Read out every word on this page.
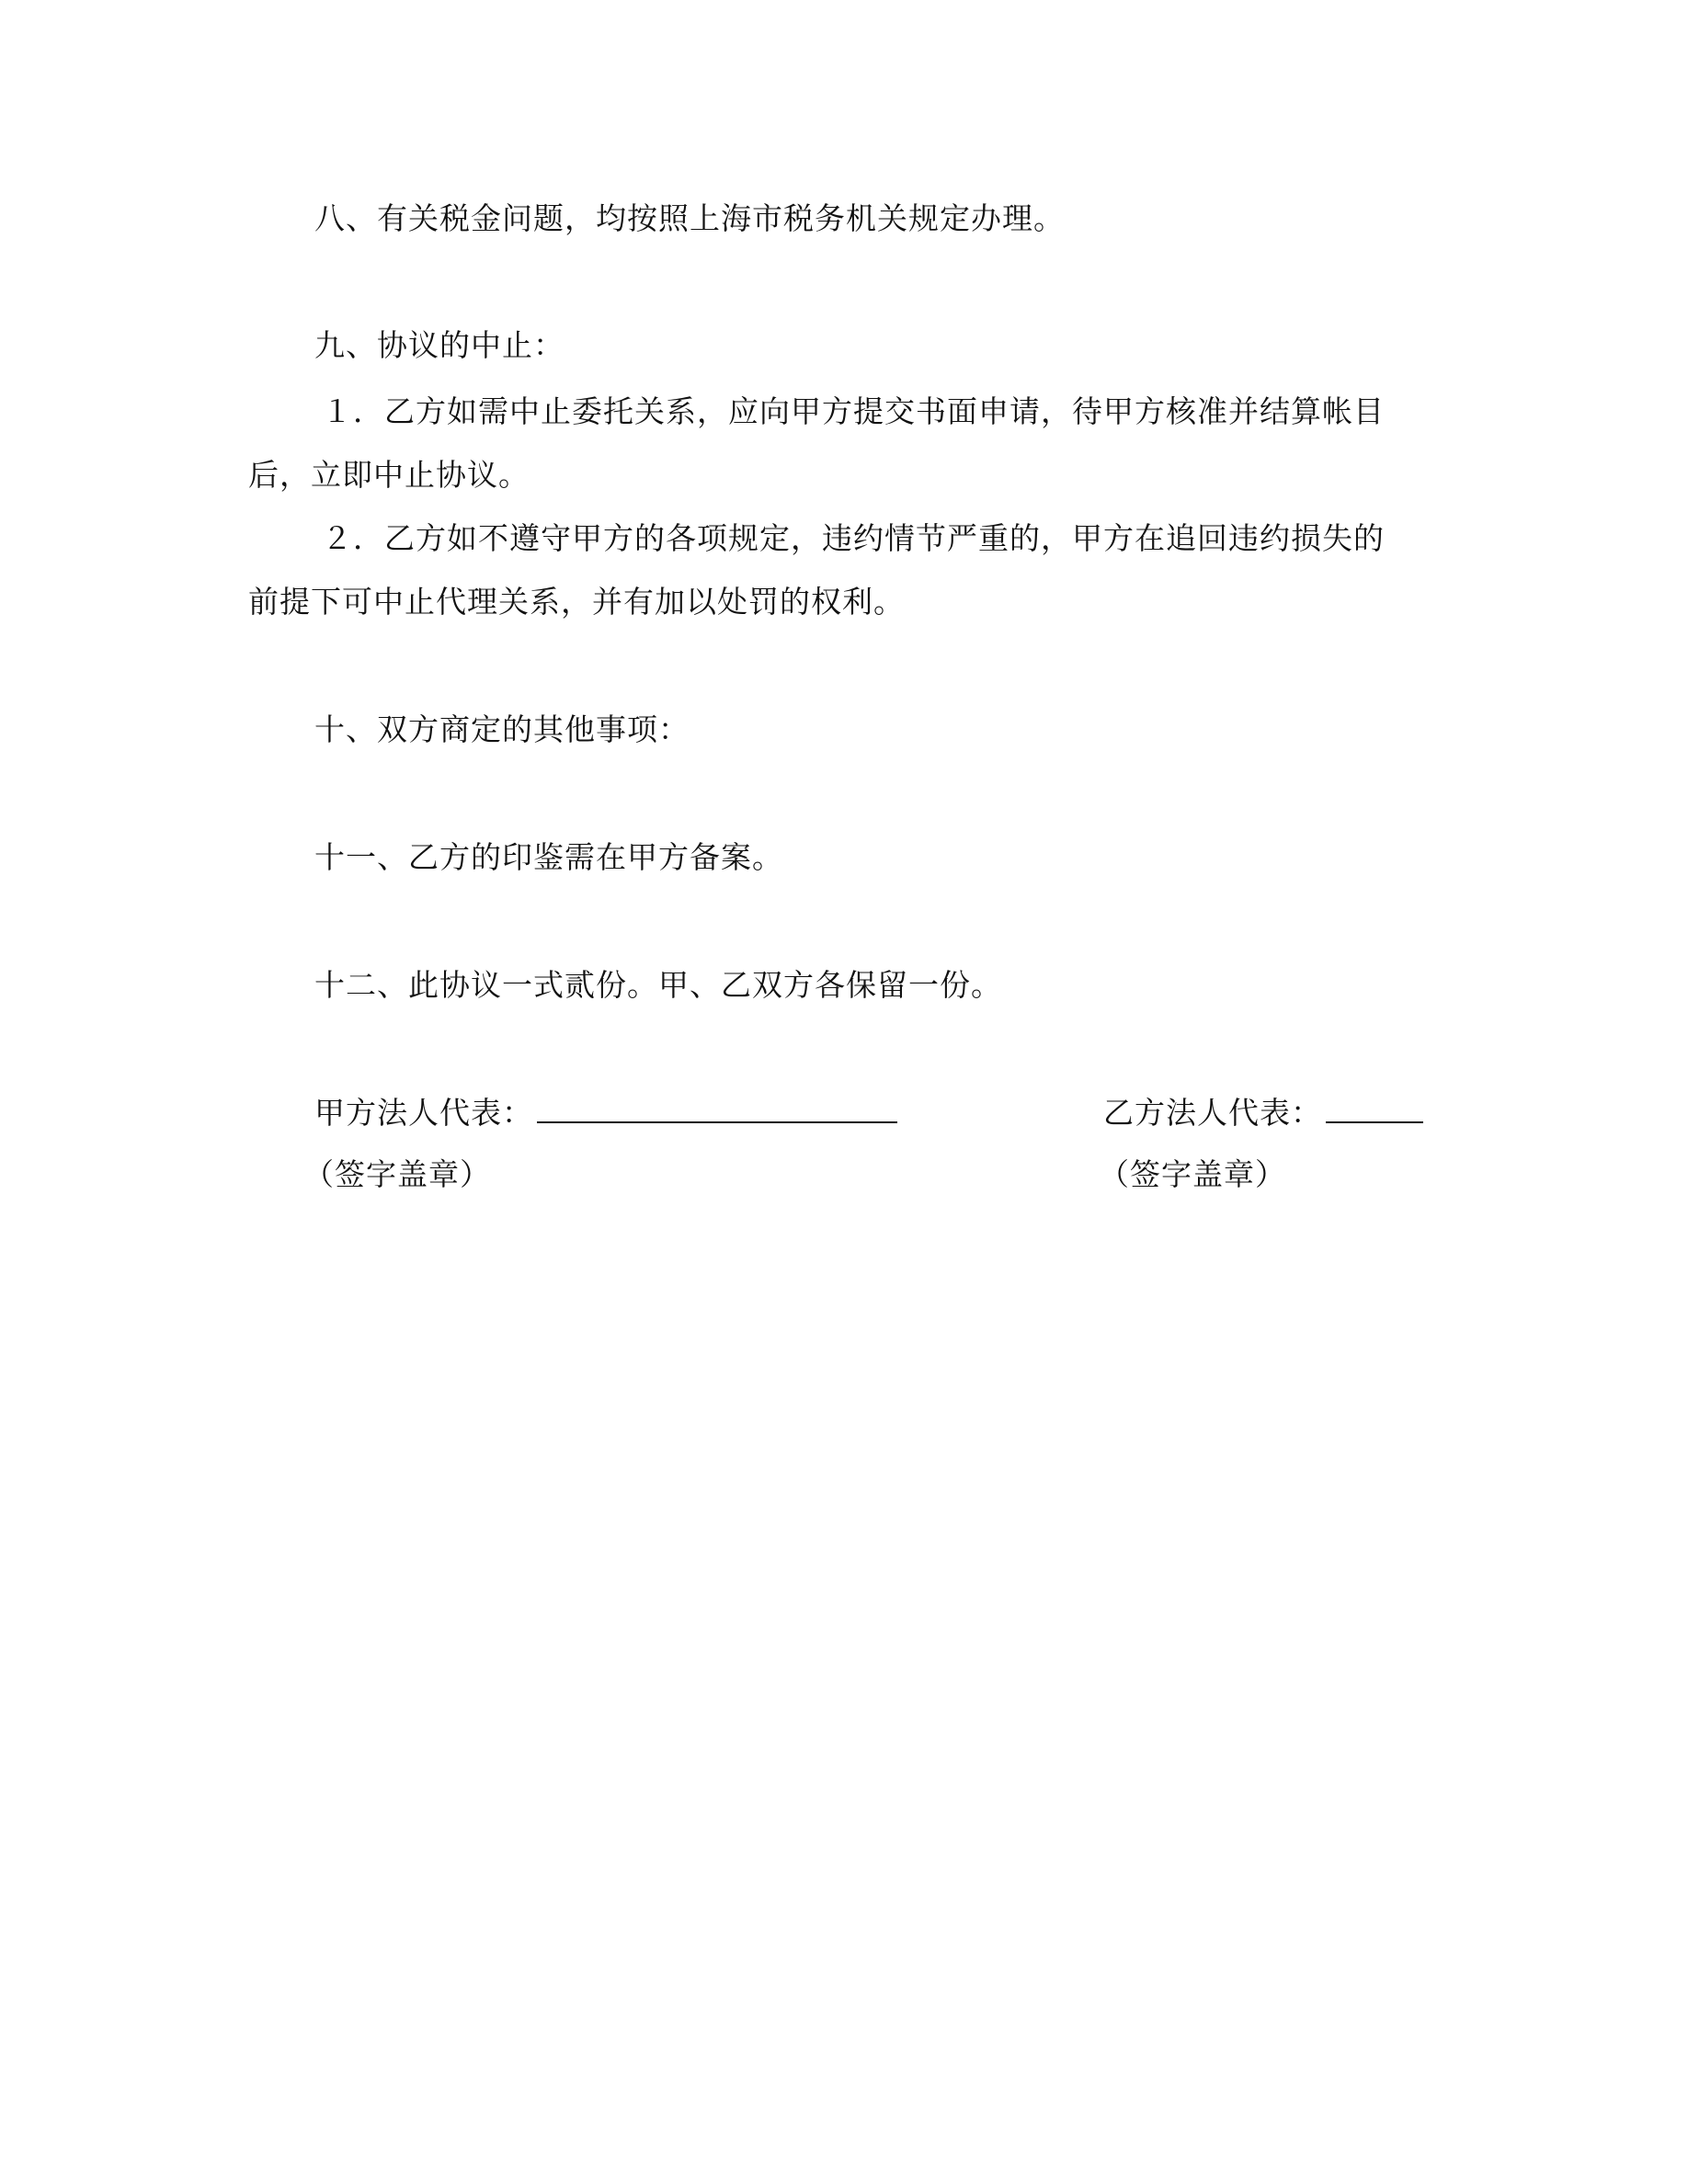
八、有关税金问题，均按照上海市税务机关规定办理。
九、协议的中止：
１．乙方如需中止委托关系，应向甲方提交书面申请，待甲方核准并结算帐目
后，立即中止协议。
２．乙方如不遵守甲方的各项规定，违约情节严重的，甲方在追回违约损失的
前提下可中止代理关系，并有加以处罚的权利。
十、双方商定的其他事项：
十一、乙方的印鉴需在甲方备案。
十二、此协议一式贰份。甲、乙双方各保留一份。
甲方法人代表：	乙方法人代表：
（签字盖章）	（签字盖章）
